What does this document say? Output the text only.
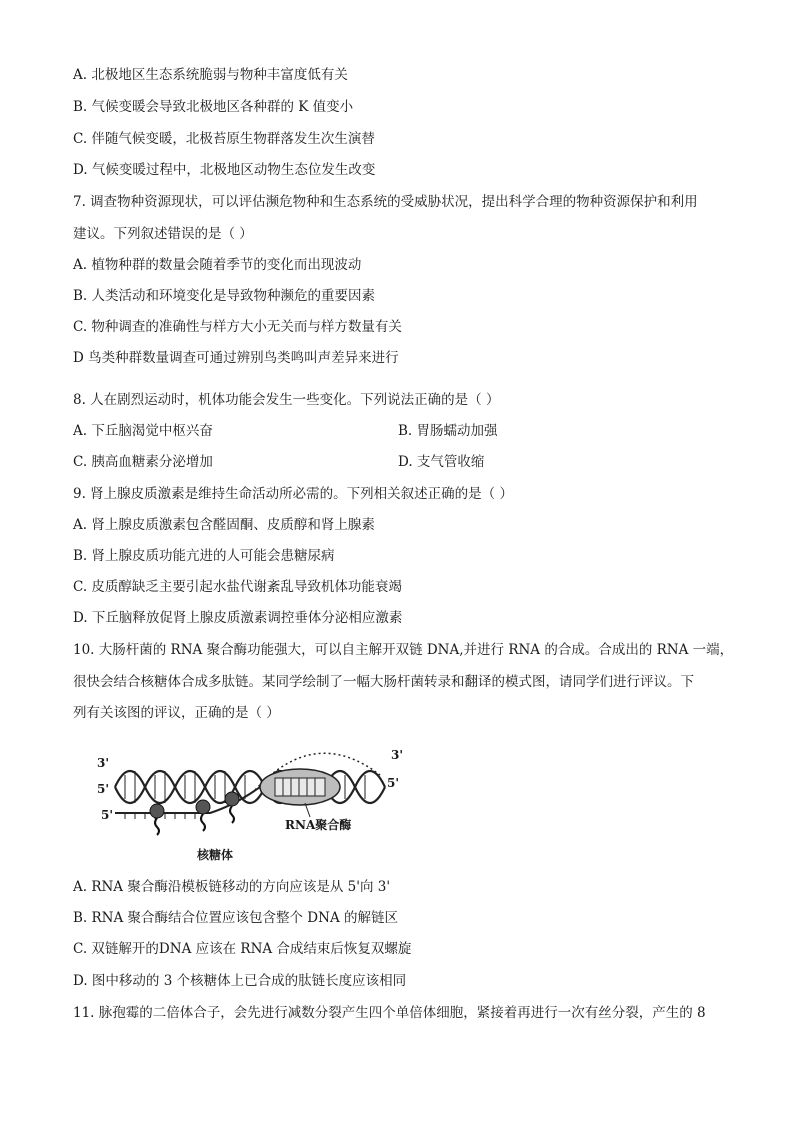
A. 北极地区生态系统脆弱与物种丰富度低有关
B. 气候变暖会导致北极地区各种群的 K 值变小
C. 伴随气候变暖，北极苔原生物群落发生次生演替
D. 气候变暖过程中，北极地区动物生态位发生改变
7. 调查物种资源现状，可以评估濒危物种和生态系统的受威胁状况，提出科学合理的物种资源保护和利用
建议。下列叙述错误的是（ ）
A. 植物种群的数量会随着季节的变化而出现波动
B. 人类活动和环境变化是导致物种濒危的重要因素
C. 物种调查的准确性与样方大小无关而与样方数量有关
D 鸟类种群数量调查可通过辨别鸟类鸣叫声差异来进行
8. 人在剧烈运动时，机体功能会发生一些变化。下列说法正确的是（ ）
A. 下丘脑渴觉中枢兴奋	B. 胃肠蠕动加强
C. 胰高血糖素分泌增加	D. 支气管收缩
9. 肾上腺皮质激素是维持生命活动所必需的。下列相关叙述正确的是（ ）
A. 肾上腺皮质激素包含醛固酮、皮质醇和肾上腺素
B. 肾上腺皮质功能亢进的人可能会患糖尿病
C. 皮质醇缺乏主要引起水盐代谢紊乱导致机体功能衰竭
D. 下丘脑释放促肾上腺皮质激素调控垂体分泌相应激素
10. 大肠杆菌的 RNA 聚合酶功能强大，可以自主解开双链 DNA,并进行 RNA 的合成。合成出的 RNA 一端，
很快会结合核糖体合成多肽链。某同学绘制了一幅大肠杆菌转录和翻译的模式图，请同学们进行评议。下
列有关该图的评议，正确的是（ ）
3'
5'
3'
5'
5'
RNA聚合酶
核糖体
A. RNA 聚合酶沿模板链移动的方向应该是从 5'向 3'
B. RNA 聚合酶结合位置应该包含整个 DNA 的解链区
C. 双链解开的DNA 应该在 RNA 合成结束后恢复双螺旋
D. 图中移动的 3 个核糖体上已合成的肽链长度应该相同
11. 脉孢霉的二倍体合子，会先进行减数分裂产生四个单倍体细胞，紧接着再进行一次有丝分裂，产生的 8
